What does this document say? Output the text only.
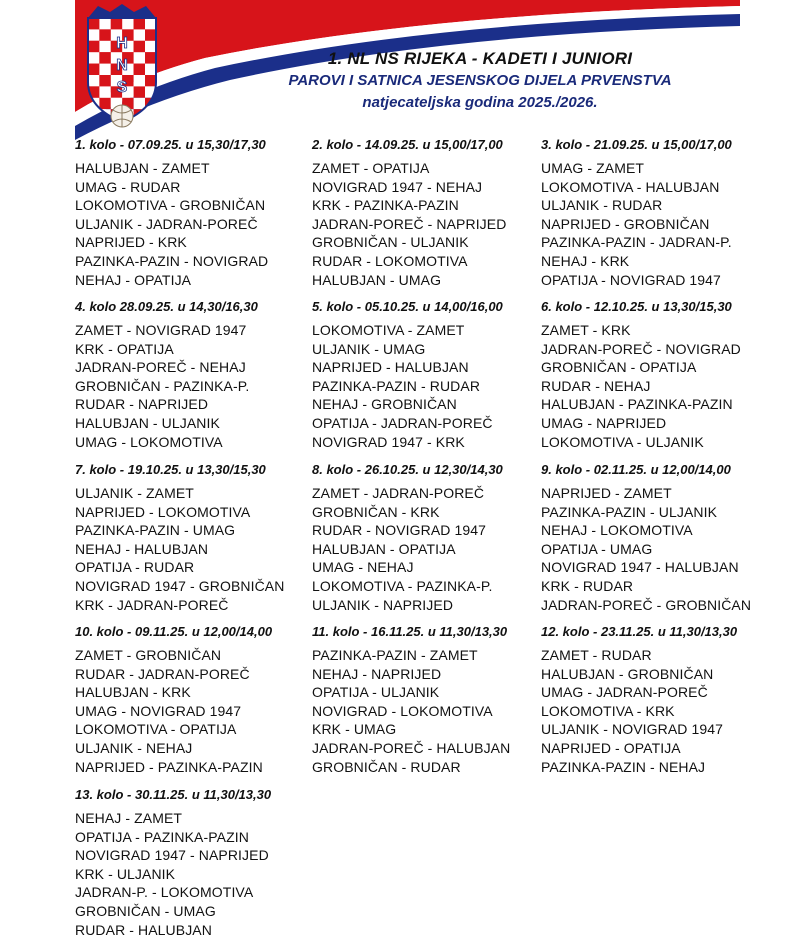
H
N
S
1. NL NS RIJEKA - KADETI I JUNIORI
PAROVI I SATNICA JESENSKOG DIJELA PRVENSTVA
natjecateljska godina 2025./2026.
1. kolo - 07.09.25. u 15,30/17,30
HALUBJAN - ZAMET
UMAG - RUDAR
LOKOMOTIVA - GROBNIČAN
ULJANIK - JADRAN-POREČ
NAPRIJED - KRK
PAZINKA-PAZIN - NOVIGRAD
NEHAJ - OPATIJA
2. kolo - 14.09.25. u 15,00/17,00
ZAMET - OPATIJA
NOVIGRAD 1947 - NEHAJ
KRK - PAZINKA-PAZIN
JADRAN-POREČ - NAPRIJED
GROBNIČAN - ULJANIK
RUDAR - LOKOMOTIVA
HALUBJAN - UMAG
3. kolo - 21.09.25. u 15,00/17,00
UMAG - ZAMET
LOKOMOTIVA - HALUBJAN
ULJANIK - RUDAR
NAPRIJED - GROBNIČAN
PAZINKA-PAZIN - JADRAN-P.
NEHAJ - KRK
OPATIJA - NOVIGRAD 1947
4. kolo 28.09.25. u 14,30/16,30
ZAMET - NOVIGRAD 1947
KRK - OPATIJA
JADRAN-POREČ - NEHAJ
GROBNIČAN - PAZINKA-P.
RUDAR - NAPRIJED
HALUBJAN - ULJANIK
UMAG - LOKOMOTIVA
5. kolo - 05.10.25. u 14,00/16,00
LOKOMOTIVA - ZAMET
ULJANIK - UMAG
NAPRIJED - HALUBJAN
PAZINKA-PAZIN - RUDAR
NEHAJ - GROBNIČAN
OPATIJA - JADRAN-POREČ
NOVIGRAD 1947 - KRK
6. kolo - 12.10.25. u 13,30/15,30
ZAMET - KRK
JADRAN-POREČ - NOVIGRAD
GROBNIČAN - OPATIJA
RUDAR - NEHAJ
HALUBJAN - PAZINKA-PAZIN
UMAG - NAPRIJED
LOKOMOTIVA - ULJANIK
7. kolo - 19.10.25. u 13,30/15,30
ULJANIK - ZAMET
NAPRIJED - LOKOMOTIVA
PAZINKA-PAZIN - UMAG
NEHAJ - HALUBJAN
OPATIJA - RUDAR
NOVIGRAD 1947 - GROBNIČAN
KRK - JADRAN-POREČ
8. kolo - 26.10.25. u 12,30/14,30
ZAMET - JADRAN-POREČ
GROBNIČAN - KRK
RUDAR - NOVIGRAD 1947
HALUBJAN - OPATIJA
UMAG - NEHAJ
LOKOMOTIVA - PAZINKA-P.
ULJANIK - NAPRIJED
9. kolo - 02.11.25. u 12,00/14,00
NAPRIJED - ZAMET
PAZINKA-PAZIN - ULJANIK
NEHAJ - LOKOMOTIVA
OPATIJA - UMAG
NOVIGRAD 1947 - HALUBJAN
KRK - RUDAR
JADRAN-POREČ - GROBNIČAN
10. kolo - 09.11.25. u 12,00/14,00
ZAMET - GROBNIČAN
RUDAR - JADRAN-POREČ
HALUBJAN - KRK
UMAG - NOVIGRAD 1947
LOKOMOTIVA - OPATIJA
ULJANIK - NEHAJ
NAPRIJED - PAZINKA-PAZIN
11. kolo - 16.11.25. u 11,30/13,30
PAZINKA-PAZIN - ZAMET
NEHAJ - NAPRIJED
OPATIJA - ULJANIK
NOVIGRAD - LOKOMOTIVA
KRK - UMAG
JADRAN-POREČ - HALUBJAN
GROBNIČAN - RUDAR
12. kolo - 23.11.25. u 11,30/13,30
ZAMET - RUDAR
HALUBJAN - GROBNIČAN
UMAG - JADRAN-POREČ
LOKOMOTIVA - KRK
ULJANIK - NOVIGRAD 1947
NAPRIJED - OPATIJA
PAZINKA-PAZIN - NEHAJ
13. kolo - 30.11.25. u 11,30/13,30
NEHAJ - ZAMET
OPATIJA - PAZINKA-PAZIN
NOVIGRAD 1947 - NAPRIJED
KRK - ULJANIK
JADRAN-P. - LOKOMOTIVA
GROBNIČAN - UMAG
RUDAR - HALUBJAN
